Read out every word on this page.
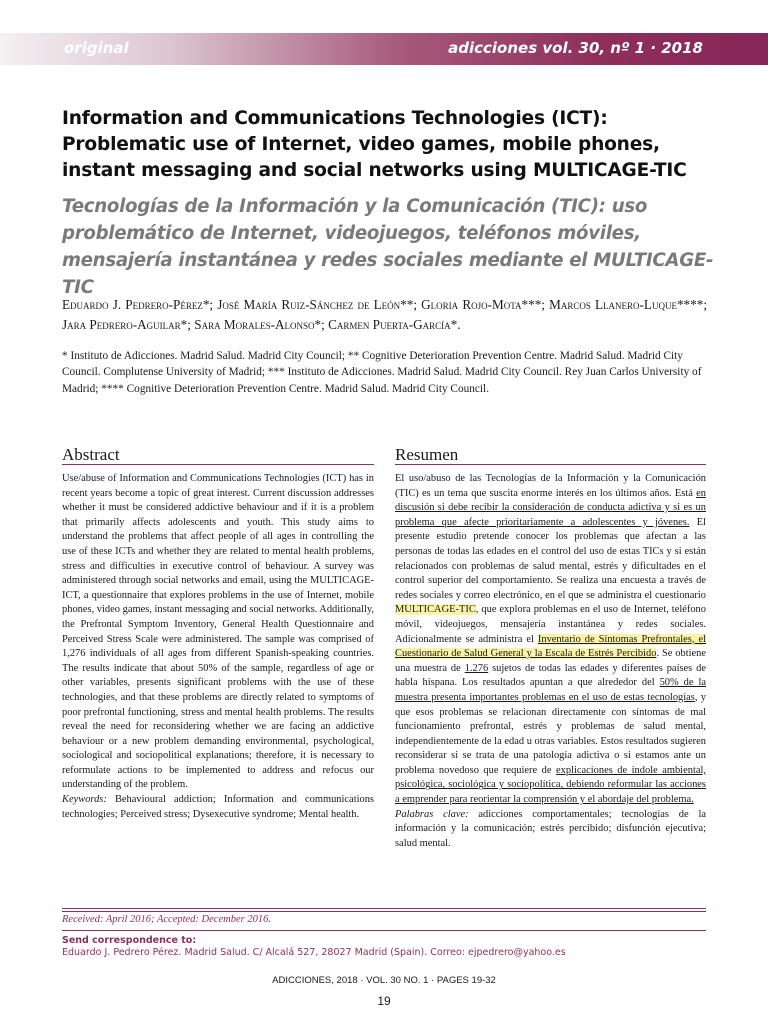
original	adicciones vol. 30, nº 1 · 2018
Information and Communications Technologies (ICT): Problematic use of Internet, video games, mobile phones, instant messaging and social networks using MULTICAGE-TIC
Tecnologías de la Información y la Comunicación (TIC): uso problemático de Internet, videojuegos, teléfonos móviles, mensajería instantánea y redes sociales mediante el MULTICAGE-TIC
Eduardo J. Pedrero-Pérez*; José María Ruiz-Sánchez de León**; Gloria Rojo-Mota***; Marcos Llanero-Luque****; Jara Pedrero-Aguilar*; Sara Morales-Alonso*; Carmen Puerta-García*.
* Instituto de Adicciones. Madrid Salud. Madrid City Council; ** Cognitive Deterioration Prevention Centre. Madrid Salud. Madrid City Council. Complutense University of Madrid; *** Instituto de Adicciones. Madrid Salud. Madrid City Council. Rey Juan Carlos University of Madrid; **** Cognitive Deterioration Prevention Centre. Madrid Salud. Madrid City Council.
Abstract

Use/abuse of Information and Communications Technologies (ICT) has in recent years become a topic of great interest. Current discussion addresses whether it must be considered addictive behaviour and if it is a problem that primarily affects adolescents and youth. This study aims to understand the problems that affect people of all ages in controlling the use of these ICTs and whether they are related to mental health problems, stress and difficulties in executive control of behaviour. A survey was administered through social networks and email, using the MULTICAGE-ICT, a questionnaire that explores problems in the use of Internet, mobile phones, video games, instant messaging and social networks. Additionally, the Prefrontal Symptom Inventory, General Health Questionnaire and Perceived Stress Scale were administered. The sample was comprised of 1,276 individuals of all ages from different Spanish-speaking countries. The results indicate that about 50% of the sample, regardless of age or other variables, presents significant problems with the use of these technologies, and that these problems are directly related to symptoms of poor prefrontal functioning, stress and mental health problems. The results reveal the need for reconsidering whether we are facing an addictive behaviour or a new problem demanding environmental, psychological, sociological and sociopolitical explanations; therefore, it is necessary to reformulate actions to be implemented to address and refocus our understanding of the problem.

Keywords: Behavioural addiction; Information and communications technologies; Perceived stress; Dysexecutive syndrome; Mental health.

Resumen

El uso/abuso de las Tecnologías de la Información y la Comunicación (TIC) es un tema que suscita enorme interés en los últimos años. Está en discusión si debe recibir la consideración de conducta adictiva y si es un problema que afecte prioritariamente a adolescentes y jóvenes. El presente estudio pretende conocer los problemas que afectan a las personas de todas las edades en el control del uso de estas TICs y si están relacionados con problemas de salud mental, estrés y dificultades en el control superior del comportamiento. Se realiza una encuesta a través de redes sociales y correo electrónico, en el que se administra el cuestionario MULTICAGE-TIC, que explora problemas en el uso de Internet, teléfono móvil, videojuegos, mensajería instantánea y redes sociales. Adicionalmente se administra el Inventario de Síntomas Prefrontales, el Cuestionario de Salud General y la Escala de Estrés Percibido. Se obtiene una muestra de 1.276 sujetos de todas las edades y diferentes países de habla hispana. Los resultados apuntan a que alrededor del 50% de la muestra presenta importantes problemas en el uso de estas tecnologías, y que esos problemas se relacionan directamente con síntomas de mal funcionamiento prefrontal, estrés y problemas de salud mental, independientemente de la edad u otras variables. Estos resultados sugieren reconsiderar si se trata de una patología adictiva o si estamos ante un problema novedoso que requiere de explicaciones de índole ambiental, psicológica, sociológica y sociopolítica, debiendo reformular las acciones a emprender para reorientar la comprensión y el abordaje del problema.

Palabras clave: adicciones comportamentales; tecnologías de la información y la comunicación; estrés percibido; disfunción ejecutiva; salud mental.

Received: April 2016; Accepted: December 2016.
Send correspondence to:
Eduardo J. Pedrero Pérez. Madrid Salud. C/ Alcalá 527, 28027 Madrid (Spain). Correo: ejpedrero@yahoo.es
ADICCIONES, 2018 · VOL. 30 NO. 1 · PAGES 19-32
19
